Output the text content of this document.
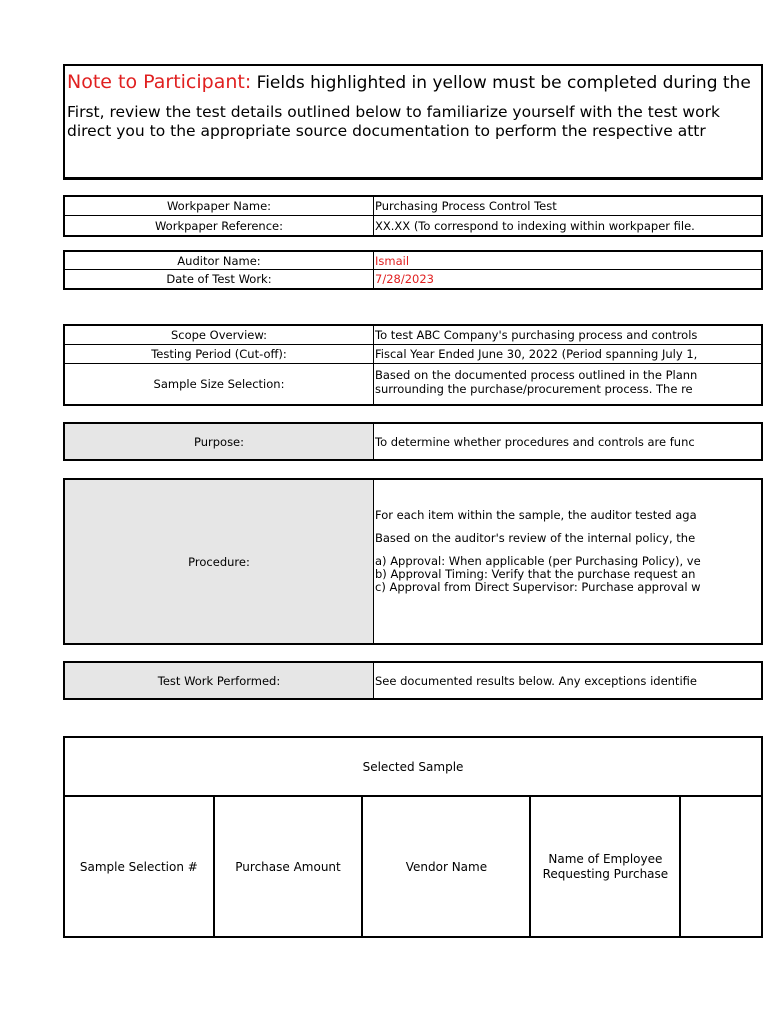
Note to Participant: Fields highlighted in yellow must be completed during the
First, review the test details outlined below to familiarize yourself with the test work
direct you to the appropriate source documentation to perform the respective attr
Workpaper Name:	Purchasing Process Control Test
Workpaper Reference:	XX.XX (To correspond to indexing within workpaper file.
Auditor Name:	Ismail
Date of Test Work:	7/28/2023
Scope Overview:	To test ABC Company's purchasing process and controls
Testing Period (Cut-off):	Fiscal Year Ended June 30, 2022 (Period spanning July 1,
Sample Size Selection:
Based on the documented process outlined in the Plann
surrounding the purchase/procurement process. The re
Purpose:	To determine whether procedures and controls are func
Procedure:
For each item within the sample, the auditor tested aga
Based on the auditor's review of the internal policy, the
a) Approval: When applicable (per Purchasing Policy), ve
b) Approval Timing: Verify that the purchase request an
c) Approval from Direct Supervisor: Purchase approval w
Test Work Performed:	See documented results below. Any exceptions identifie
Selected Sample
Sample Selection #	Purchase Amount	Vendor Name	Name of Employee Requesting Purchase	
